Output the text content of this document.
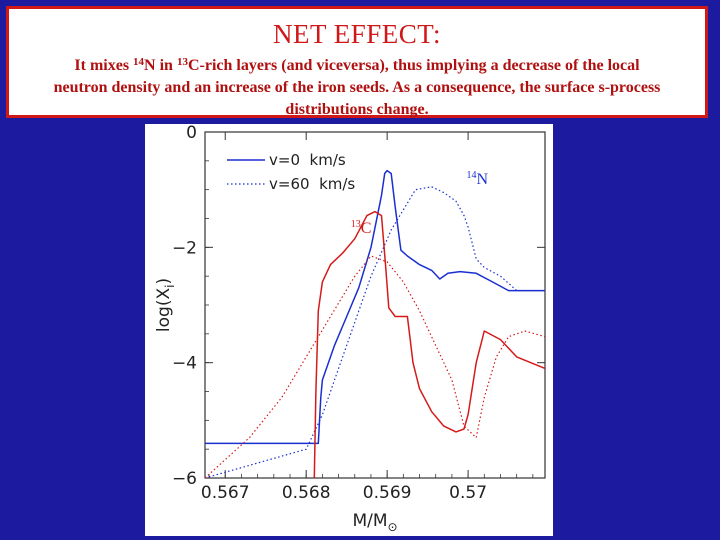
NET EFFECT:
It mixes $^{14}$N in $^{13}$C-rich layers (and viceversa), thus implying a decrease of the local
neutron density and an increase of the iron seeds. As a consequence, the surface s-process
distributions change.
0.567 0.568 0.569 0.57
0
−2
−4
−6
v=0  km/s
v=60  km/s	$^{14}$N
$^{13}$C
$M/M_⊙$
$\log(X_i)$
